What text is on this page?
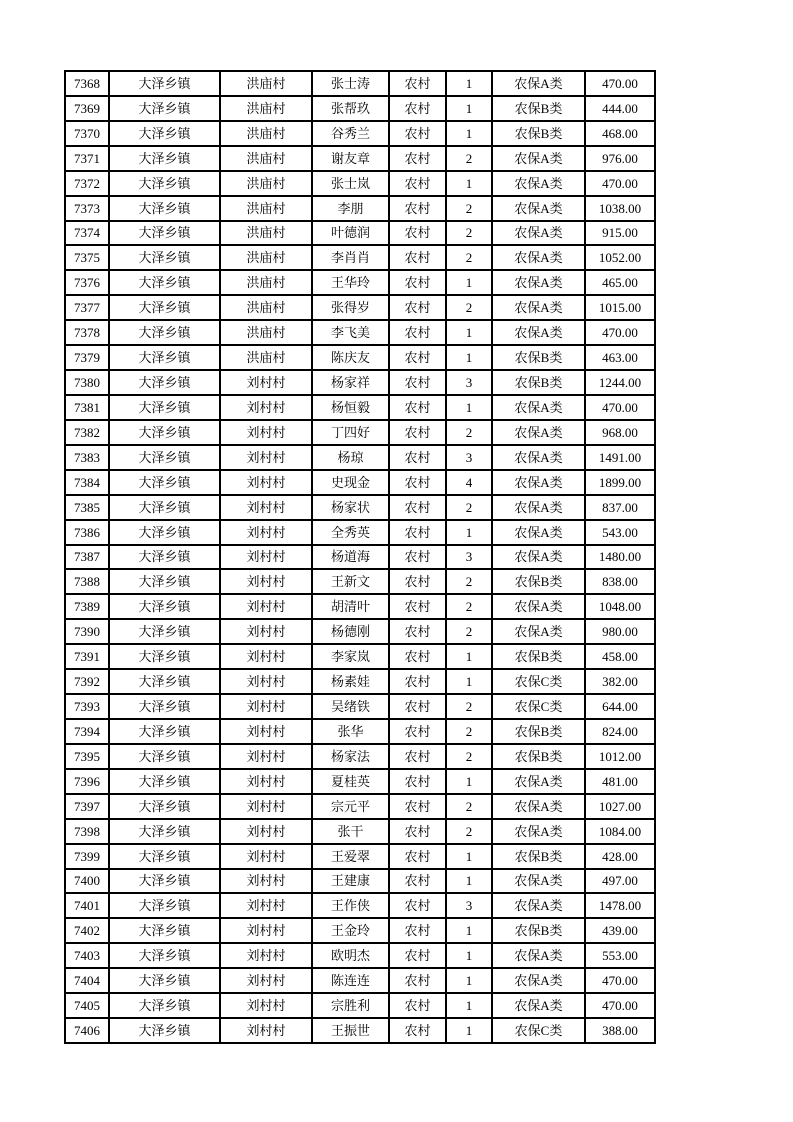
7368	大泽乡镇	洪庙村	张士涛	农村	1	农保A类	470.00
7369	大泽乡镇	洪庙村	张帮玖	农村	1	农保B类	444.00
7370	大泽乡镇	洪庙村	谷秀兰	农村	1	农保B类	468.00
7371	大泽乡镇	洪庙村	谢友章	农村	2	农保A类	976.00
7372	大泽乡镇	洪庙村	张士岚	农村	1	农保A类	470.00
7373	大泽乡镇	洪庙村	李朋	农村	2	农保A类	1038.00
7374	大泽乡镇	洪庙村	叶德润	农村	2	农保A类	915.00
7375	大泽乡镇	洪庙村	李肖肖	农村	2	农保A类	1052.00
7376	大泽乡镇	洪庙村	王华玲	农村	1	农保A类	465.00
7377	大泽乡镇	洪庙村	张得岁	农村	2	农保A类	1015.00
7378	大泽乡镇	洪庙村	李飞美	农村	1	农保A类	470.00
7379	大泽乡镇	洪庙村	陈庆友	农村	1	农保B类	463.00
7380	大泽乡镇	刘村村	杨家祥	农村	3	农保B类	1244.00
7381	大泽乡镇	刘村村	杨恒毅	农村	1	农保A类	470.00
7382	大泽乡镇	刘村村	丁四好	农村	2	农保A类	968.00
7383	大泽乡镇	刘村村	杨琼	农村	3	农保A类	1491.00
7384	大泽乡镇	刘村村	史现金	农村	4	农保A类	1899.00
7385	大泽乡镇	刘村村	杨家状	农村	2	农保A类	837.00
7386	大泽乡镇	刘村村	全秀英	农村	1	农保A类	543.00
7387	大泽乡镇	刘村村	杨道海	农村	3	农保A类	1480.00
7388	大泽乡镇	刘村村	王新文	农村	2	农保B类	838.00
7389	大泽乡镇	刘村村	胡清叶	农村	2	农保A类	1048.00
7390	大泽乡镇	刘村村	杨德刚	农村	2	农保A类	980.00
7391	大泽乡镇	刘村村	李家岚	农村	1	农保B类	458.00
7392	大泽乡镇	刘村村	杨素娃	农村	1	农保C类	382.00
7393	大泽乡镇	刘村村	吴绪铁	农村	2	农保C类	644.00
7394	大泽乡镇	刘村村	张华	农村	2	农保B类	824.00
7395	大泽乡镇	刘村村	杨家法	农村	2	农保B类	1012.00
7396	大泽乡镇	刘村村	夏桂英	农村	1	农保A类	481.00
7397	大泽乡镇	刘村村	宗元平	农村	2	农保A类	1027.00
7398	大泽乡镇	刘村村	张干	农村	2	农保A类	1084.00
7399	大泽乡镇	刘村村	王爱翠	农村	1	农保B类	428.00
7400	大泽乡镇	刘村村	王建康	农村	1	农保A类	497.00
7401	大泽乡镇	刘村村	王作侠	农村	3	农保A类	1478.00
7402	大泽乡镇	刘村村	王金玲	农村	1	农保B类	439.00
7403	大泽乡镇	刘村村	欧明杰	农村	1	农保A类	553.00
7404	大泽乡镇	刘村村	陈连连	农村	1	农保A类	470.00
7405	大泽乡镇	刘村村	宗胜利	农村	1	农保A类	470.00
7406	大泽乡镇	刘村村	王振世	农村	1	农保C类	388.00
